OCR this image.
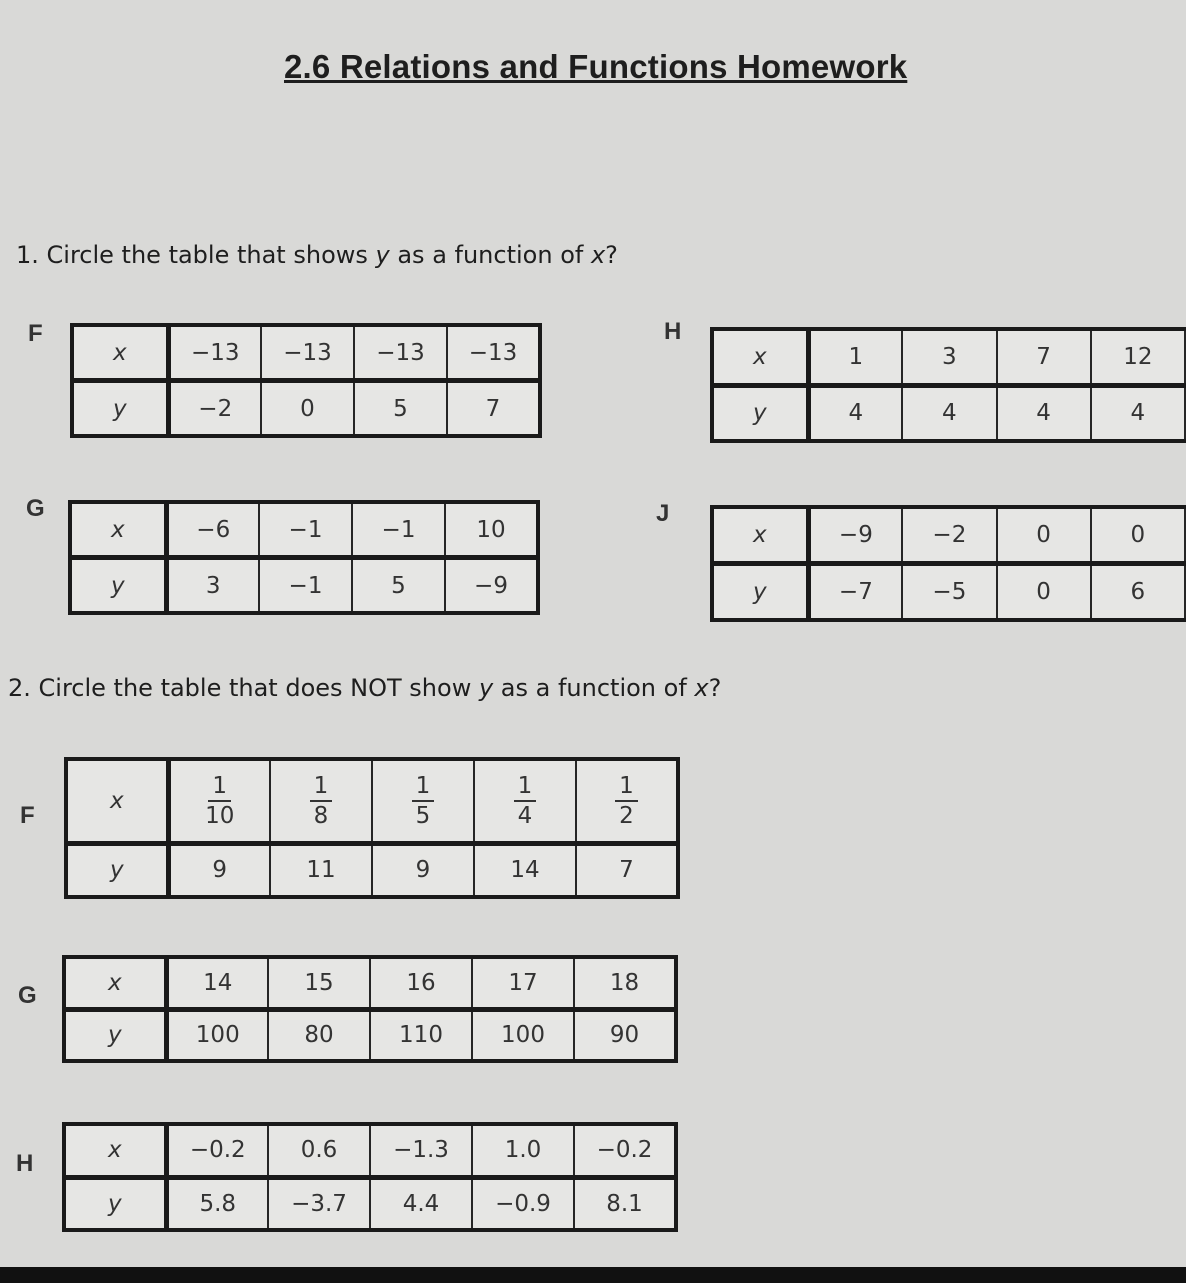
2.6 Relations and Functions Homework
1. Circle the table that shows y as a function of x?
F
x	−13	−13	−13	−13
y	−2	0	5	7
H
x	1	3	7	12
y	4	4	4	4
G
x	−6	−1	−1	10
y	3	−1	5	−9
J
x	−9	−2	0	0
y	−7	−5	0	6
2. Circle the table that does NOT show y as a function of x?
F
x	$\frac{1}{10}$	$\frac{1}{8}$	$\frac{1}{5}$	$\frac{1}{4}$	$\frac{1}{2}$

y	9	11	9	14	7
G	x	14	15	16	17	18
y	100	80	110	100	90
H	x	−0.2	0.6	−1.3	1.0	−0.2
y	5.8	−3.7	4.4	−0.9	8.1
